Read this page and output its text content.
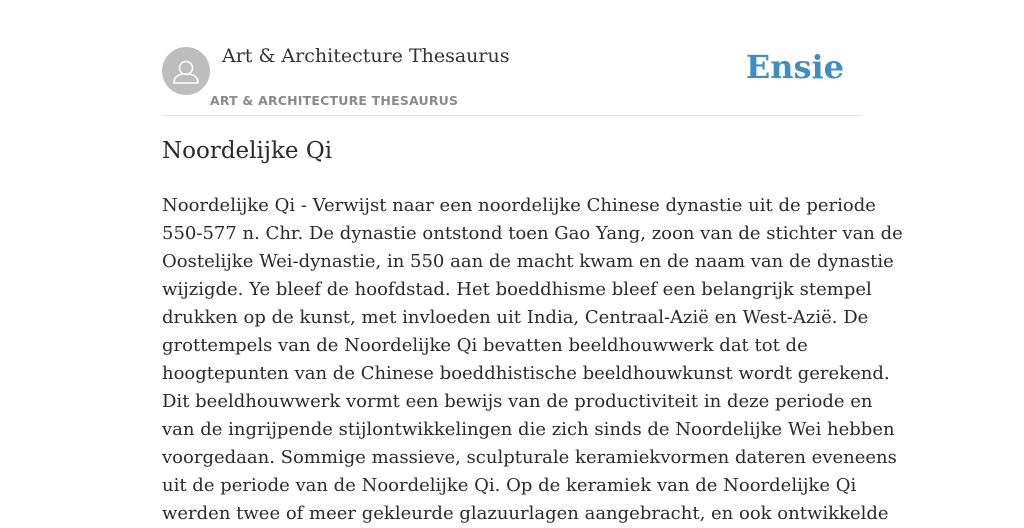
Art & Architecture Thesaurus
ART & ARCHITECTURE THESAURUS
Ensie
Noordelijke Qi

Noordelijke Qi - Verwijst naar een noordelijke Chinese dynastie uit de periode
550-577 n. Chr. De dynastie ontstond toen Gao Yang, zoon van de stichter van de
Oostelijke Wei-dynastie, in 550 aan de macht kwam en de naam van de dynastie
wijzigde. Ye bleef de hoofdstad. Het boeddhisme bleef een belangrijk stempel
drukken op de kunst, met invloeden uit India, Centraal-Azië en West-Azië. De
grottempels van de Noordelijke Qi bevatten beeldhouwwerk dat tot de
hoogtepunten van de Chinese boeddhistische beeldhouwkunst wordt gerekend.
Dit beeldhouwwerk vormt een bewijs van de productiviteit in deze periode en
van de ingrijpende stijlontwikkelingen die zich sinds de Noordelijke Wei hebben
voorgedaan. Sommige massieve, sculpturale keramiekvormen dateren eveneens
uit de periode van de Noordelijke Qi. Op de keramiek van de Noordelijke Qi
werden twee of meer gekleurde glazuurlagen aangebracht, en ook ontwikkelde
